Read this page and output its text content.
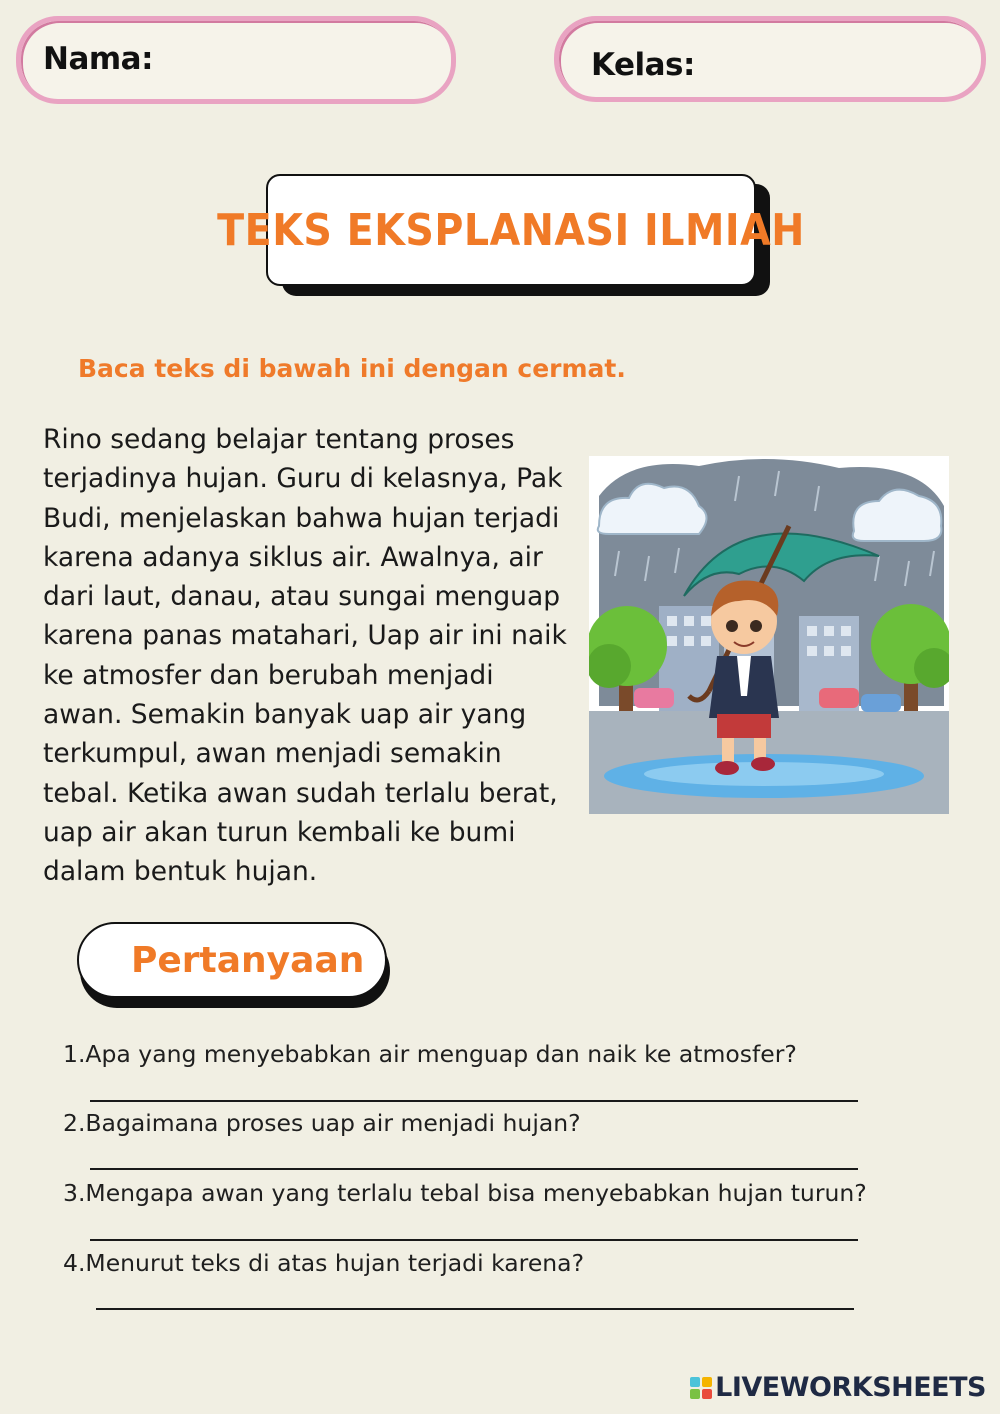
Nama:	Kelas:
TEKS EKSPLANASI ILMIAH
Baca teks di bawah ini dengan cermat.

Rino sedang belajar tentang proses
terjadinya hujan. Guru di kelasnya, Pak
Budi, menjelaskan bahwa hujan terjadi
karena adanya siklus air. Awalnya, air
dari laut, danau, atau sungai menguap
karena panas matahari, Uap air ini naik
ke atmosfer dan berubah menjadi
awan. Semakin banyak uap air yang
terkumpul, awan menjadi semakin
tebal. Ketika awan sudah terlalu berat,
uap air akan turun kembali ke bumi
dalam bentuk hujan.

Pertanyaan
1.Apa yang menyebabkan air menguap dan naik ke atmosfer?
2.Bagaimana proses uap air menjadi hujan?
3.Mengapa awan yang terlalu tebal bisa menyebabkan hujan turun?
4.Menurut teks di atas hujan terjadi karena?
LIVEWORKSHEETS
